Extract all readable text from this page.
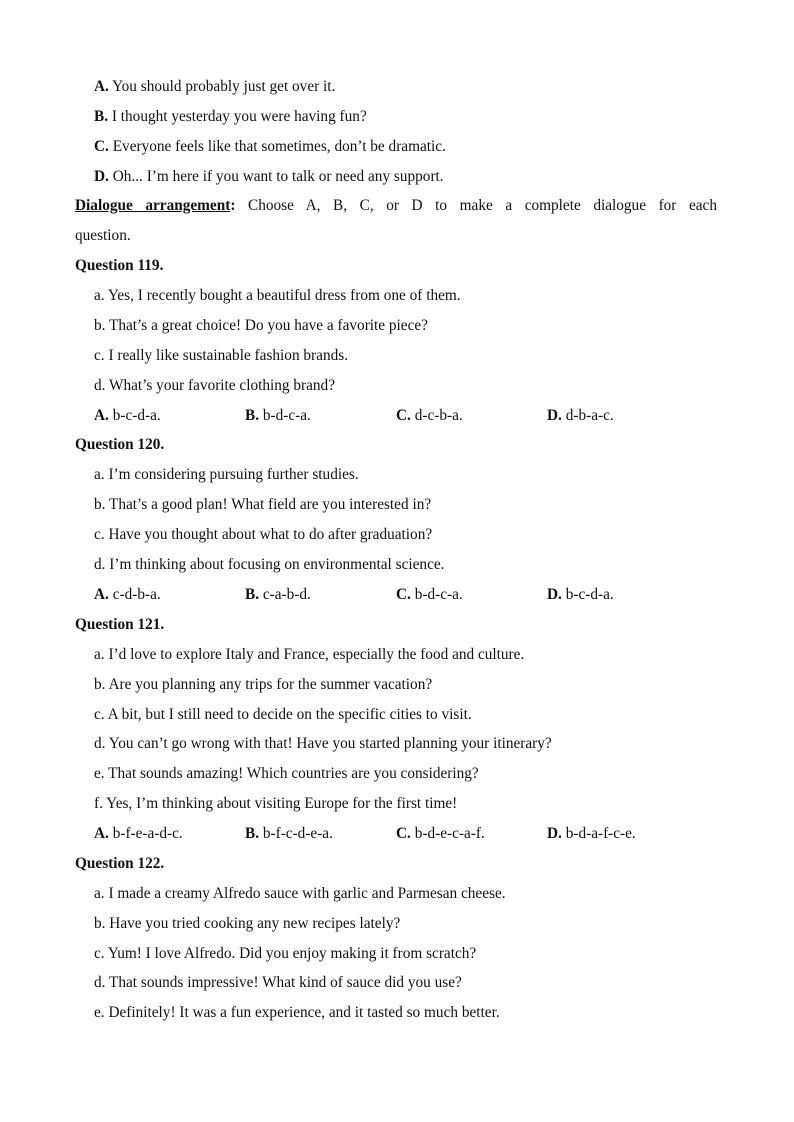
A. You should probably just get over it.
B. I thought yesterday you were having fun?
C. Everyone feels like that sometimes, don’t be dramatic.
D. Oh... I’m here if you want to talk or need any support.
Dialogue arrangement: Choose A, B, C, or D to make a complete dialogue for each
question.
Question 119.
a. Yes, I recently bought a beautiful dress from one of them.
b. That’s a great choice! Do you have a favorite piece?
c. I really like sustainable fashion brands.
d. What’s your favorite clothing brand?
A. b-c-d-a.	B. b-d-c-a.	C. d-c-b-a.	D. d-b-a-c.
Question 120.
a. I’m considering pursuing further studies.
b. That’s a good plan! What field are you interested in?
c. Have you thought about what to do after graduation?
d. I’m thinking about focusing on environmental science.
A. c-d-b-a.	B. c-a-b-d.	C. b-d-c-a.	D. b-c-d-a.
Question 121.
a. I’d love to explore Italy and France, especially the food and culture.
b. Are you planning any trips for the summer vacation?
c. A bit, but I still need to decide on the specific cities to visit.
d. You can’t go wrong with that! Have you started planning your itinerary?
e. That sounds amazing! Which countries are you considering?
f. Yes, I’m thinking about visiting Europe for the first time!
A. b-f-e-a-d-c.	B. b-f-c-d-e-a.	C. b-d-e-c-a-f.	D. b-d-a-f-c-e.
Question 122.
a. I made a creamy Alfredo sauce with garlic and Parmesan cheese.
b. Have you tried cooking any new recipes lately?
c. Yum! I love Alfredo. Did you enjoy making it from scratch?
d. That sounds impressive! What kind of sauce did you use?
e. Definitely! It was a fun experience, and it tasted so much better.
